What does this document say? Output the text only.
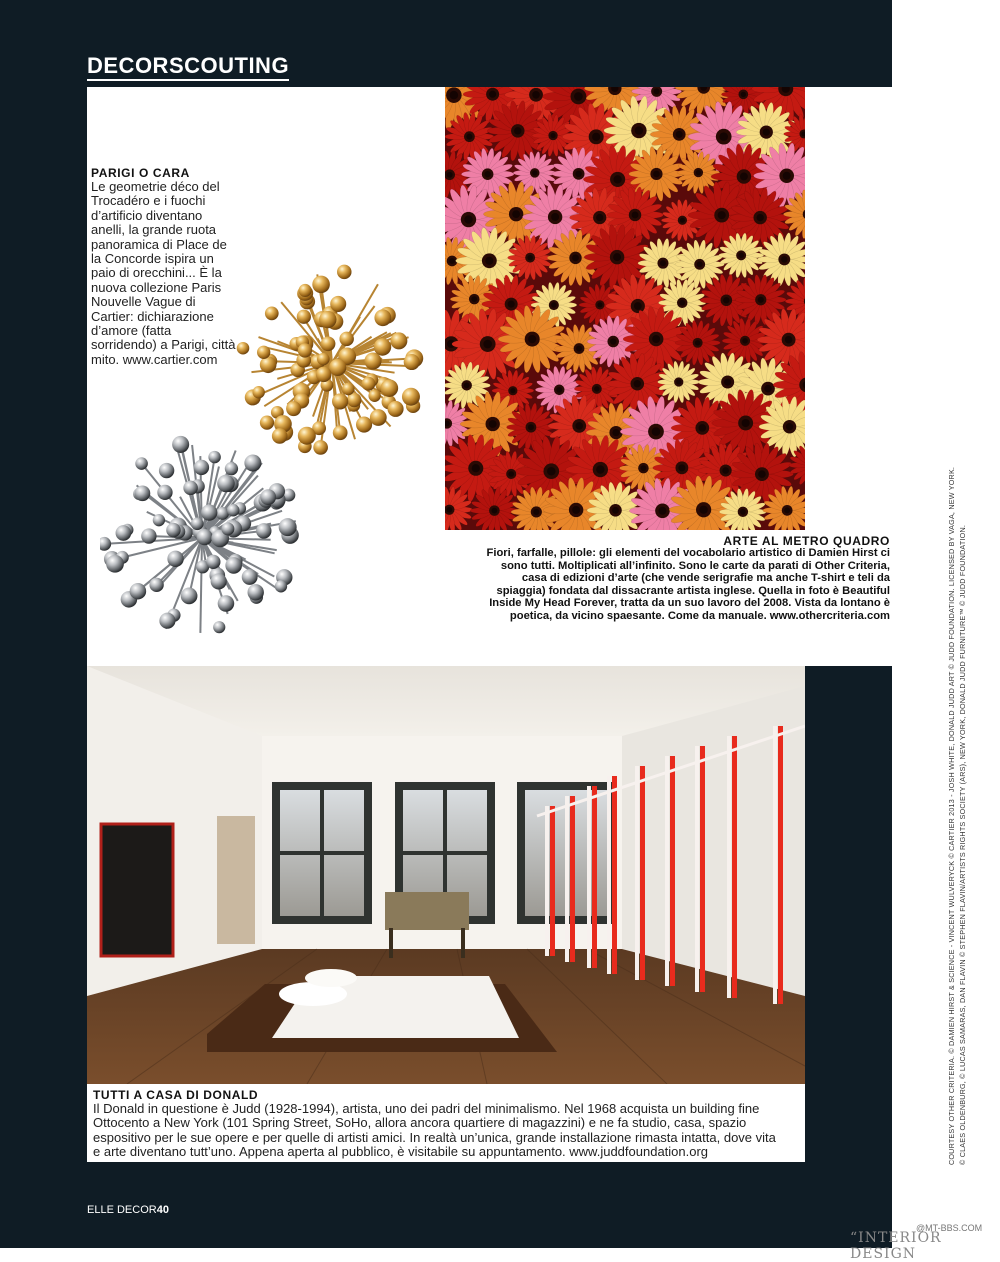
DECORSCOUTING

PARIGI O CARA

Le geometrie déco del
Trocadéro e i fuochi
d’artificio diventano
anelli, la grande ruota
panoramica di Place de
la Concorde ispira un
paio di orecchini... È la
nuova collezione Paris
Nouvelle Vague di
Cartier: dichiarazione
d’amore (fatta
sorridendo) a Parigi, città
mito. www.cartier.com

ARTE AL METRO QUADRO

Fiori, farfalle, pillole: gli elementi del vocabolario artistico di Damien Hirst ci
sono tutti. Moltiplicati all’infinito. Sono le carte da parati di Other Criteria,
casa di edizioni d’arte (che vende serigrafie ma anche T-shirt e teli da
spiaggia) fondata dal dissacrante artista inglese. Quella in foto è Beautiful
Inside My Head Forever, tratta da un suo lavoro del 2008. Vista da lontano è
poetica, da vicino spaesante. Come da manuale. www.othercriteria.com

TUTTI A CASA DI DONALD

Il Donald in questione è Judd (1928-1994), artista, uno dei padri del minimalismo. Nel 1968 acquista un building fine
Ottocento a New York (101 Spring Street, SoHo, allora ancora quartiere di magazzini) e ne fa studio, casa, spazio
espositivo per le sue opere e per quelle di artisti amici. In realtà un’unica, grande installazione rimasta intatta, dove vita
e arte diventano tutt’uno. Appena aperta al pubblico, è visitabile su appuntamento. www.juddfoundation.org	COURTESY OTHER CRITERIA. © DAMIEN HIRST & SCIENCE - VINCENT WULVERYCK © CARTIER 2013 - JOSH WHITE, DONALD JUDD ART © JUDD FOUNDATION. LICENSED BY VAGA, NEW YORK. © CLAES OLDENBURG, © LUCAS SAMARAS, DAN FLAVIN © STEPHEN FLAVIN/ARTISTS RIGHTS SOCIETY (ARS), NEW YORK, DONALD JUDD FURNITURE™ © JUDD FOUNDATION.

ELLE DECOR40

@MT-BBS.COM

“INTERIOR DESIGN
